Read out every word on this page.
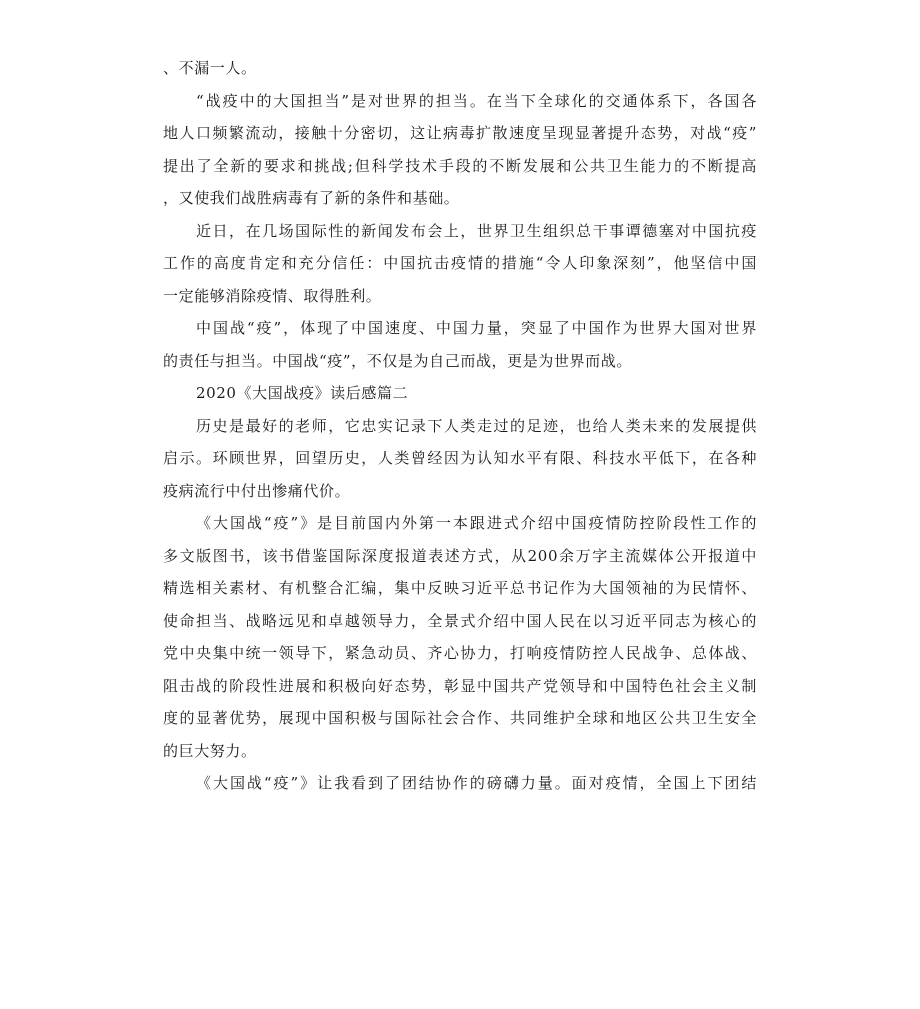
、不漏一人。
“战疫中的大国担当”是对世界的担当。在当下全球化的交通体系下，各国各
地人口频繁流动，接触十分密切，这让病毒扩散速度呈现显著提升态势，对战“疫”
提出了全新的要求和挑战;但科学技术手段的不断发展和公共卫生能力的不断提高
，又使我们战胜病毒有了新的条件和基础。
近日，在几场国际性的新闻发布会上，世界卫生组织总干事谭德塞对中国抗疫
工作的高度肯定和充分信任：中国抗击疫情的措施“令人印象深刻”，他坚信中国
一定能够消除疫情、取得胜利。
中国战“疫”，体现了中国速度、中国力量，突显了中国作为世界大国对世界
的责任与担当。中国战“疫”，不仅是为自己而战，更是为世界而战。
2020《大国战疫》读后感篇二
历史是最好的老师，它忠实记录下人类走过的足迹，也给人类未来的发展提供
启示。环顾世界，回望历史，人类曾经因为认知水平有限、科技水平低下，在各种
疫病流行中付出惨痛代价。
《大国战“疫”》是目前国内外第一本跟进式介绍中国疫情防控阶段性工作的
多文版图书，该书借鉴国际深度报道表述方式，从200余万字主流媒体公开报道中
精选相关素材、有机整合汇编，集中反映习近平总书记作为大国领袖的为民情怀、
使命担当、战略远见和卓越领导力，全景式介绍中国人民在以习近平同志为核心的
党中央集中统一领导下，紧急动员、齐心协力，打响疫情防控人民战争、总体战、
阻击战的阶段性进展和积极向好态势，彰显中国共产党领导和中国特色社会主义制
度的显著优势，展现中国积极与国际社会合作、共同维护全球和地区公共卫生安全
的巨大努力。
《大国战“疫”》让我看到了团结协作的磅礴力量。面对疫情，全国上下团结
